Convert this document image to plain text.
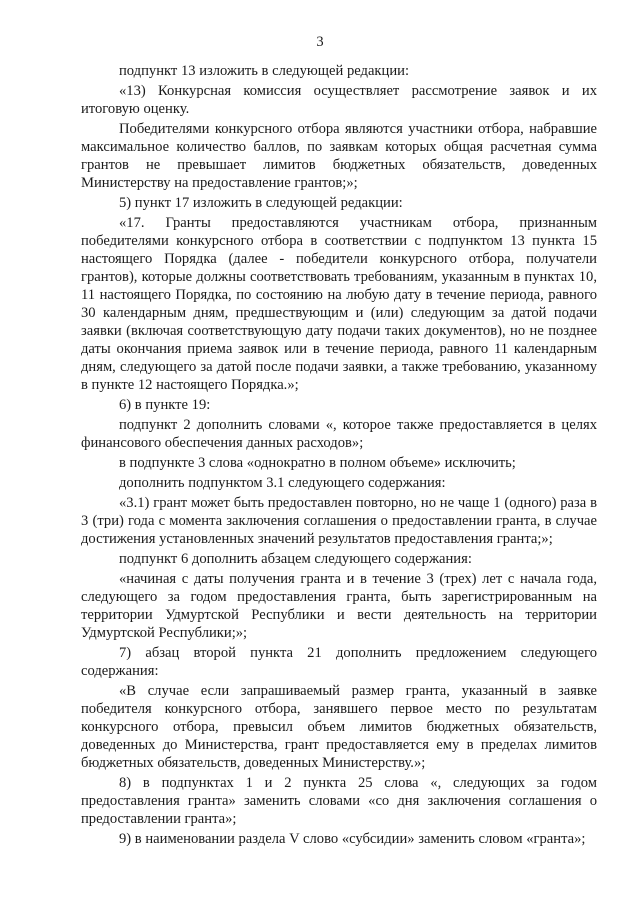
3

подпункт 13 изложить в следующей редакции:

«13) Конкурсная комиссия осуществляет рассмотрение заявок и их итоговую оценку.

Победителями конкурсного отбора являются участники отбора, набравшие максимальное количество баллов, по заявкам которых общая расчетная сумма грантов не превышает лимитов бюджетных обязательств, доведенных Министерству на предоставление грантов;»;

5) пункт 17 изложить в следующей редакции:

«17. Гранты предоставляются участникам отбора, признанным победителями конкурсного отбора в соответствии с подпунктом 13 пункта 15 настоящего Порядка (далее - победители конкурсного отбора, получатели грантов), которые должны соответствовать требованиям, указанным в пунктах 10, 11 настоящего Порядка, по состоянию на любую дату в течение периода, равного 30 календарным дням, предшествующим и (или) следующим за датой подачи заявки (включая соответствующую дату подачи таких документов), но не позднее даты окончания приема заявок или в течение периода, равного 11 календарным дням, следующего за датой после подачи заявки, а также требованию, указанному в пункте 12 настоящего Порядка.»;

6) в пункте 19:

подпункт 2 дополнить словами «, которое также предоставляется в целях финансового обеспечения данных расходов»;

в подпункте 3 слова «однократно в полном объеме» исключить;

дополнить подпунктом 3.1 следующего содержания:

«3.1) грант может быть предоставлен повторно, но не чаще 1 (одного) раза в 3 (три) года с момента заключения соглашения о предоставлении гранта, в случае достижения установленных значений результатов предоставления гранта;»;

подпункт 6 дополнить абзацем следующего содержания:

«начиная с даты получения гранта и в течение 3 (трех) лет с начала года, следующего за годом предоставления гранта, быть зарегистрированным на территории Удмуртской Республики и вести деятельность на территории Удмуртской Республики;»;

7) абзац второй пункта 21 дополнить предложением следующего содержания:

«В случае если запрашиваемый размер гранта, указанный в заявке победителя конкурсного отбора, занявшего первое место по результатам конкурсного отбора, превысил объем лимитов бюджетных обязательств, доведенных до Министерства, грант предоставляется ему в пределах лимитов бюджетных обязательств, доведенных Министерству.»;

8) в подпунктах 1 и 2 пункта 25 слова «, следующих за годом предоставления гранта» заменить словами «со дня заключения соглашения о предоставлении гранта»;

9) в наименовании раздела V слово «субсидии» заменить словом «гранта»;
